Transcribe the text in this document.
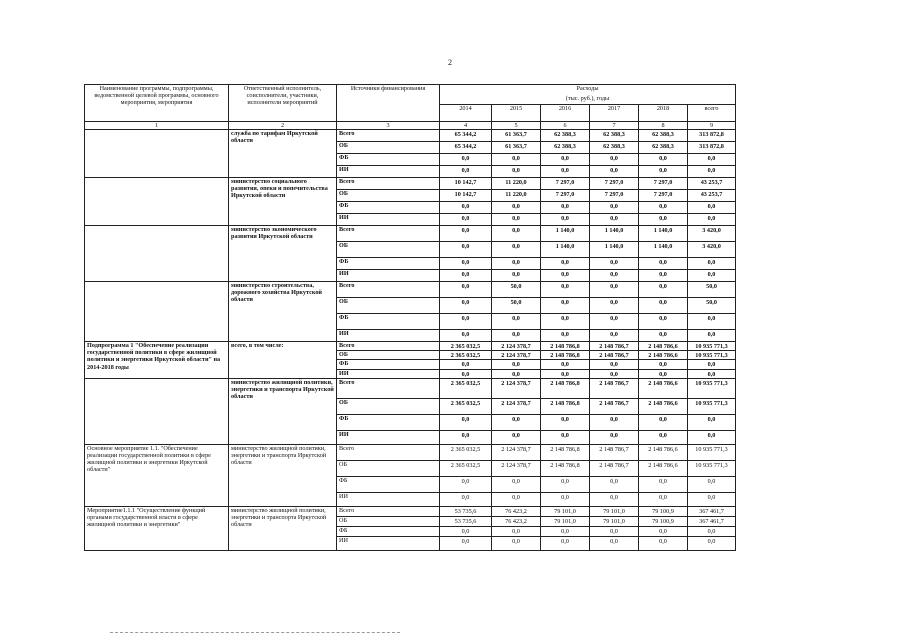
2
Наименование программы, подпрограммы, ведомственной целевой программы, основного мероприятия, мероприятия	Ответственный исполнитель, соисполнители, участники, исполнители мероприятий	Источники финансирования	Расходы					
			(тыс. руб.), годы					
			2014	2015	2016	2017	2018	всего
1	2	3	4	5	6	7	8	9
	служба по тарифам Иркутской области	Всего	65 344,2	61 363,7	62 388,3	62 388,3	62 388,3	313 872,8
		ОБ	65 344,2	61 363,7	62 388,3	62 388,3	62 388,3	313 872,8
		ФБ	0,0	0,0	0,0	0,0	0,0	0,0
		ИИ	0,0	0,0	0,0	0,0	0,0	0,0
	министерство социального развития, опеки и попечительства Иркутской области	Всего	10 142,7	11 220,0	7 297,0	7 297,0	7 297,0	43 253,7
		ОБ	10 142,7	11 220,0	7 297,0	7 297,0	7 297,0	43 253,7
		ФБ	0,0	0,0	0,0	0,0	0,0	0,0
		ИИ	0,0	0,0	0,0	0,0	0,0	0,0
	министерство экономического развития Иркутской области	Всего	0,0	0,0	1 140,0	1 140,0	1 140,0	3 420,0
		ОБ	0,0	0,0	1 140,0	1 140,0	1 140,0	3 420,0
		ФБ	0,0	0,0	0,0	0,0	0,0	0,0
		ИИ	0,0	0,0	0,0	0,0	0,0	0,0
	министерство строительства, дорожного хозяйства Иркутской области	Всего	0,0	50,0	0,0	0,0	0,0	50,0
		ОБ	0,0	50,0	0,0	0,0	0,0	50,0
		ФБ	0,0	0,0	0,0	0,0	0,0	0,0
		ИИ	0,0	0,0	0,0	0,0	0,0	0,0
Подпрограмма 1 "Обеспечение реализации государственной политики в сфере жилищной политики и энергетики Иркутской области" на 2014-2018 годы	всего, в том числе:	Всего	2 365 032,5	2 124 378,7	2 148 786,8	2 148 786,7	2 148 786,6	10 935 771,3
		ОБ	2 365 032,5	2 124 378,7	2 148 786,8	2 148 786,7	2 148 786,6	10 935 771,3
		ФБ	0,0	0,0	0,0	0,0	0,0	0,0
		ИИ	0,0	0,0	0,0	0,0	0,0	0,0
	министерство жилищной политики, энергетики и транспорта Иркутской области	Всего	2 365 032,5	2 124 378,7	2 148 786,8	2 148 786,7	2 148 786,6	10 935 771,3
		ОБ	2 365 032,5	2 124 378,7	2 148 786,8	2 148 786,7	2 148 786,6	10 935 771,3
		ФБ	0,0	0,0	0,0	0,0	0,0	0,0
		ИИ	0,0	0,0	0,0	0,0	0,0	0,0
Основное мероприятие 1.1. "Обеспечение реализации государственной политики в сфере жилищной политики и энергетики Иркутской области"	министерство жилищной политики, энергетики и транспорта Иркутской области	Всего	2 365 032,5	2 124 378,7	2 148 786,8	2 148 786,7	2 148 786,6	10 935 771,3
		ОБ	2 365 032,5	2 124 378,7	2 148 786,8	2 148 786,7	2 148 786,6	10 935 771,3
		ФБ	0,0	0,0	0,0	0,0	0,0	0,0
		ИИ	0,0	0,0	0,0	0,0	0,0	0,0
Мероприятие1.1.1 "Осуществление функций органами государственной власти в сфере жилищной политики и энергетики"	министерство жилищной политики, энергетики и транспорта Иркутской области	Всего	53 735,6	76 423,2	79 101,0	79 101,0	79 100,9	367 461,7
		ОБ	53 735,6	76 423,2	79 101,0	79 101,0	79 100,9	367 461,7
		ФБ	0,0	0,0	0,0	0,0	0,0	0,0
		ИИ	0,0	0,0	0,0	0,0	0,0	0,0
